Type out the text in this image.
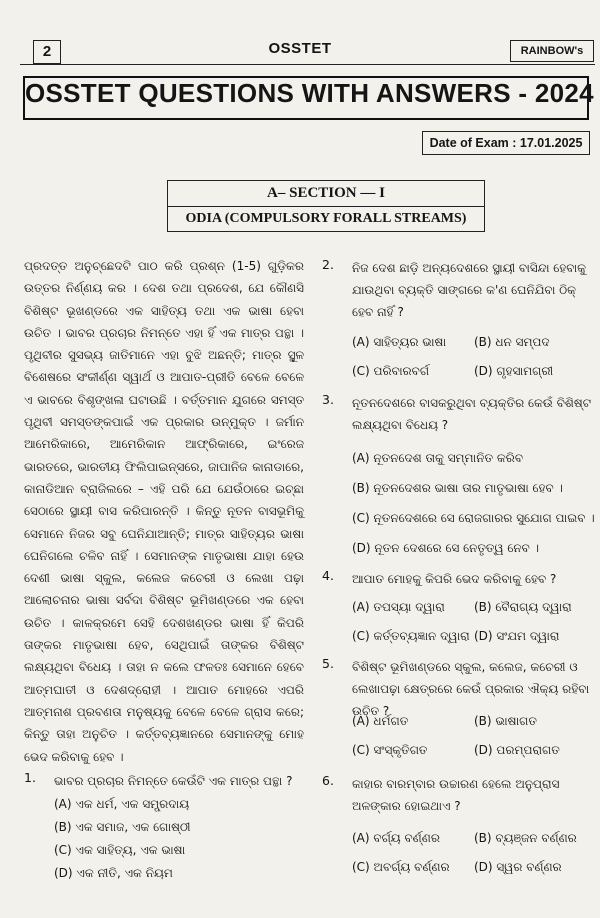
2	OSSTET	RAINBOW's
OSSTET QUESTIONS WITH ANSWERS - 2024
Date of Exam : 17.01.2025
A– SECTION — I
ODIA (COMPULSORY FORALL STREAMS)
ପ୍ରଦତ୍ତ ଅନୁଚ୍ଛେଦଟି ପାଠ କରି ପ୍ରଶ୍ନ (1-5) ଗୁଡ଼ିକର ଉତ୍ତର ନିର୍ଣ୍ଣୟ କର । ଦେଶ ତଥା ପ୍ରଦେଶ, ଯେ କୌଣସି ବିଶିଷ୍ଟ ଭୂଖଣ୍ଡରେ ଏକ ସାହିତ୍ୟ ତଥା ଏକ ଭାଷା ହେବା ଉଚିତ । ଭାବର ପ୍ରଚାର ନିମନ୍ତେ ଏହା ହିଁ ଏକ ମାତ୍ର ପନ୍ଥା । ପୃଥିବୀର ସୁସଭ୍ୟ ଜାତିମାନେ ଏହା ବୁଝି ଅଛନ୍ତି; ମାତ୍ର ସ୍ଥୂଳ ବିଶେଷରେ ସଂକୀର୍ଣ୍ଣ ସ୍ୱାର୍ଥ ଓ ଆପାତ-ପ୍ରୀତି ବେଳେ ବେଳେ ଏ ଭାବରେ ବିଶୃଙ୍ଖଳା ଘଟାଉଛି । ବର୍ତ୍ତମାନ ଯୁଗରେ ସମସ୍ତ ପୃଥିବୀ ସମସ୍ତଙ୍କପାଇଁ ଏକ ପ୍ରକାର ଉନ୍ମୁକ୍ତ । ଜର୍ମାନ ଆମେରିକାରେ, ଆମେରିକାନ ଆଫ୍ରିକାରେ, ଇଂରେଜ ଭାରତରେ, ଭାରତୀୟ ଫିଲିପାଇନ୍ସରେ, ଜାପାନିଜ କାନାଡାରେ, କାନାଡିଆନ ବ୍ରାଜିଲରେ – ଏହି ପରି ଯେ ଯେଉଁଠାରେ ଇଚ୍ଛା ସେଠାରେ ସ୍ଥାୟୀ ବାସ କରିପାରନ୍ତି । କିନ୍ତୁ ନୂତନ ବାସଭୂମିକୁ ସେମାନେ ନିଜର ସବୁ ଘେନିଯାଆନ୍ତି; ମାତ୍ର ସାହିତ୍ୟର ଭାଷା ଘେନିଗଲେ ଚଳିବ ନାହିଁ । ସେମାନଙ୍କ ମାତୃଭାଷା ଯାହା ହେଉ ଦେଶୀ ଭାଷା ସ୍କୁଲ, କଲେଜ କଚେରୀ ଓ ଲେଖା ପଢ଼ା ଆଲୋଚନାର ଭାଷା ସର୍ବଦା ବିଶିଷ୍ଟ ଭୂମିଖଣ୍ଡରେ ଏକ ହେବା ଉଚିତ । କାଳକ୍ରମେ ସେହି ଦେଶଖଣ୍ଡର ଭାଷା ହିଁ କିପରି ତାଙ୍କର ମାତୃଭାଷା ହେବ, ସେଥିପାଇଁ ତାଙ୍କର ବିଶିଷ୍ଟ ଲକ୍ଷ୍ୟଥିବା ବିଧେୟ । ତାହା ନ କଲେ ଫଳତଃ ସେମାନେ ହେବେ ଆତ୍ମଘାତୀ ଓ ଦେଶଦ୍ରୋହୀ । ଆପାତ ମୋହରେ ଏପରି ଆତ୍ମନାଶ ପ୍ରବଣତା ମନୁଷ୍ୟକୁ ବେଳେ ବେଳେ ଗ୍ରାସ କରେ; କିନ୍ତୁ ତାହା ଅନୁଚିତ । କର୍ତ୍ତବ୍ୟଜ୍ଞାନରେ ସେମାନଙ୍କୁ ମୋହ ଭେଦ କରିବାକୁ ହେବ ।
1. ଭାବର ପ୍ରଚାର ନିମନ୍ତେ କେଉଁଟି ଏକ ମାତ୍ର ପନ୍ଥା ?
(A) ଏକ ଧର୍ମ, ଏକ ସମ୍ପ୍ରଦାୟ
(B) ଏକ ସମାଜ, ଏକ ଗୋଷ୍ଠୀ
(C) ଏକ ସାହିତ୍ୟ, ଏକ ଭାଷା
(D) ଏକ ନୀତି, ଏକ ନିୟମ
2. ନିଜ ଦେଶ ଛାଡ଼ି ଅନ୍ୟଦେଶରେ ସ୍ଥାୟୀ ବାସିନ୍ଦା ହେବାକୁ ଯାଉଥିବା ବ୍ୟକ୍ତି ସାଙ୍ଗରେ କ'ଣ ଘେନିଯିବା ଠିକ୍ ହେବ ନାହିଁ ?
(A) ସାହିତ୍ୟର ଭାଷା (B) ଧନ ସମ୍ପଦ
(C) ପରିବାରବର୍ଗ	(D) ଗୃହସାମଗ୍ରୀ
3. ନୂତନଦେଶରେ ବାସକରୁଥିବା ବ୍ୟକ୍ତିର କେଉଁ ବିଶିଷ୍ଟ ଲକ୍ଷ୍ୟଥିବା ବିଧେୟ ?
(A) ନୂତନଦେଶ ତାକୁ ସମ୍ମାନିତ କରିବ
(B) ନୂତନଦେଶର ଭାଷା ତାର ମାତୃଭାଷା ହେବ ।
(C) ନୂତନଦେଶରେ ସେ ରୋଜଗାରର ସୁଯୋଗ ପାଇବ ।
(D) ନୂତନ ଦେଶରେ ସେ ନେତୃତ୍ୱ ନେବ ।
4. ଆପାତ ମୋହକୁ କିପରି ଭେଦ କରିବାକୁ ହେବ ?
(A) ତପସ୍ୟା ଦ୍ୱାରା (B) ବୈରାଗ୍ୟ ଦ୍ୱାରା
(C) କର୍ତ୍ତବ୍ୟଜ୍ଞାନ ଦ୍ୱାରା (D) ସଂଯମ ଦ୍ୱାରା
5. ବିଶିଷ୍ଟ ଭୂମିଖଣ୍ଡରେ ସ୍କୁଲ, କଲେଜ, କଚେରୀ ଓ ଲେଖାପଢ଼ା କ୍ଷେତ୍ରରେ କେଉଁ ପ୍ରକାର ଐକ୍ୟ ରହିବା ଉଚିତ ?
(A) ଧର୍ମଗତ	(B) ଭାଷାଗତ
(C) ସଂସ୍କୃତିଗତ	(D) ପରମ୍ପରାଗତ
6. କାହାର ବାରମ୍ବାର ଉଚ୍ଚାରଣ ହେଲେ ଅନୁପ୍ରାସ ଅଳଙ୍କାର ହୋଇଥାଏ ?
(A) ବର୍ଗ୍ୟ ବର୍ଣ୍ଣର	(B) ବ୍ୟଞ୍ଜନ ବର୍ଣ୍ଣର
(C) ଅବର୍ଗ୍ୟ ବର୍ଣ୍ଣର (D) ସ୍ୱର ବର୍ଣ୍ଣର
